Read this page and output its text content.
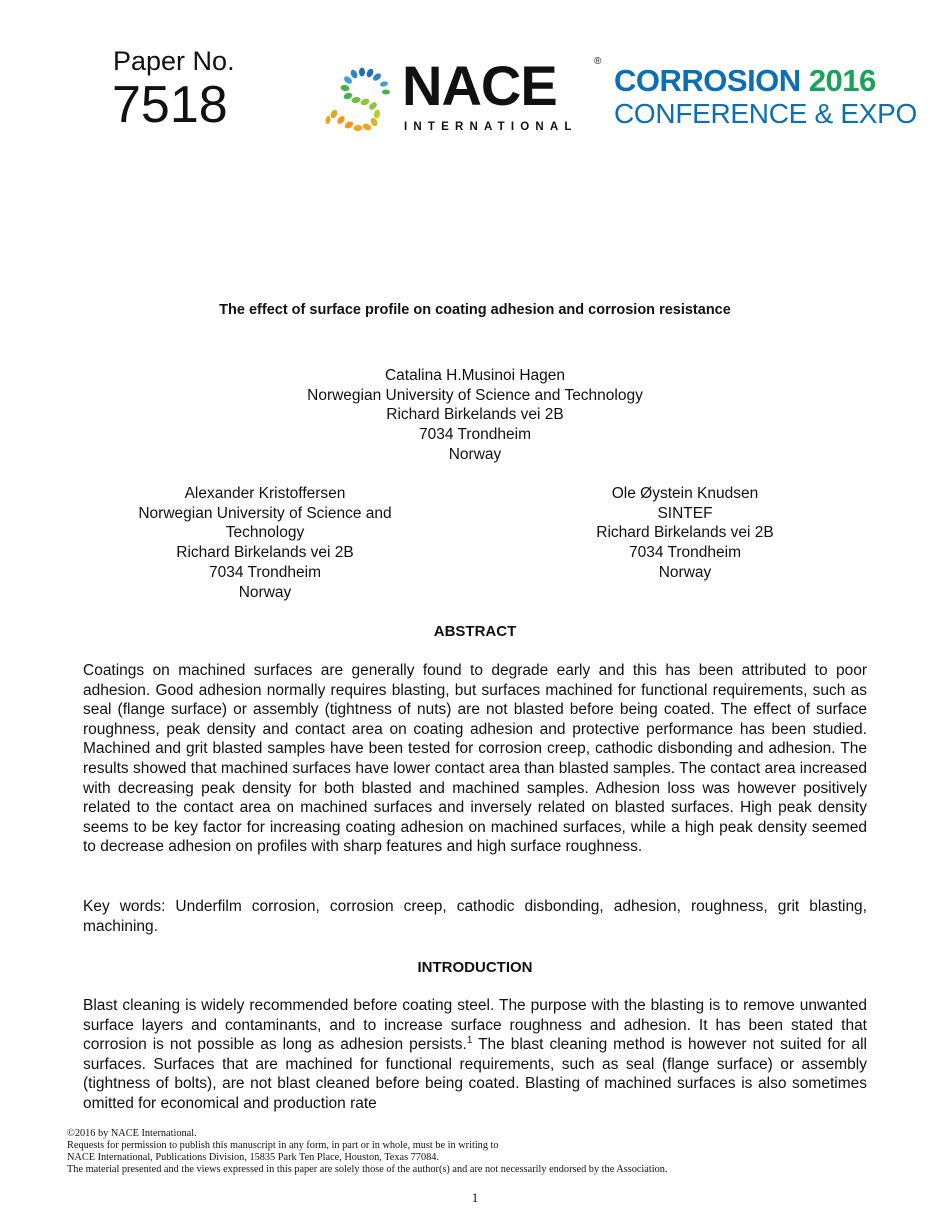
Paper No.
7518	NACE	®
INTERNATIONAL
CORROSION 2016
CONFERENCE & EXPO
The effect of surface profile on coating adhesion and corrosion resistance
Catalina H.Musinoi Hagen
Norwegian University of Science and Technology
Richard Birkelands vei 2B
7034 Trondheim
Norway
Alexander Kristoffersen
Norwegian University of Science and
Technology
Richard Birkelands vei 2B
7034 Trondheim
Norway
Ole Øystein Knudsen
SINTEF
Richard Birkelands vei 2B
7034 Trondheim
Norway
ABSTRACT

Coatings on machined surfaces are generally found to degrade early and this has been attributed to poor adhesion. Good adhesion normally requires blasting, but surfaces machined for functional requirements, such as seal (flange surface) or assembly (tightness of nuts) are not blasted before being coated. The effect of surface roughness, peak density and contact area on coating adhesion and protective performance has been studied. Machined and grit blasted samples have been tested for corrosion creep, cathodic disbonding and adhesion. The results showed that machined surfaces have lower contact area than blasted samples. The contact area increased with decreasing peak density for both blasted and machined samples. Adhesion loss was however positively related to the contact area on machined surfaces and inversely related on blasted surfaces. High peak density seems to be key factor for increasing coating adhesion on machined surfaces, while a high peak density seemed to decrease adhesion on profiles with sharp features and high surface roughness.

Key words: Underfilm corrosion, corrosion creep, cathodic disbonding, adhesion, roughness, grit blasting, machining.

INTRODUCTION

Blast cleaning is widely recommended before coating steel. The purpose with the blasting is to remove unwanted surface layers and contaminants, and to increase surface roughness and adhesion. It has been stated that corrosion is not possible as long as adhesion persists.$^1$ The blast cleaning method is however not suited for all surfaces. Surfaces that are machined for functional requirements, such as seal (flange surface) or assembly (tightness of bolts), are not blast cleaned before being coated. Blasting of machined surfaces is also sometimes omitted for economical and production rate

©2016 by NACE International.
Requests for permission to publish this manuscript in any form, in part or in whole, must be in writing to
NACE International, Publications Division, 15835 Park Ten Place, Houston, Texas 77084.
The material presented and the views expressed in this paper are solely those of the author(s) and are not necessarily endorsed by the Association.
1
